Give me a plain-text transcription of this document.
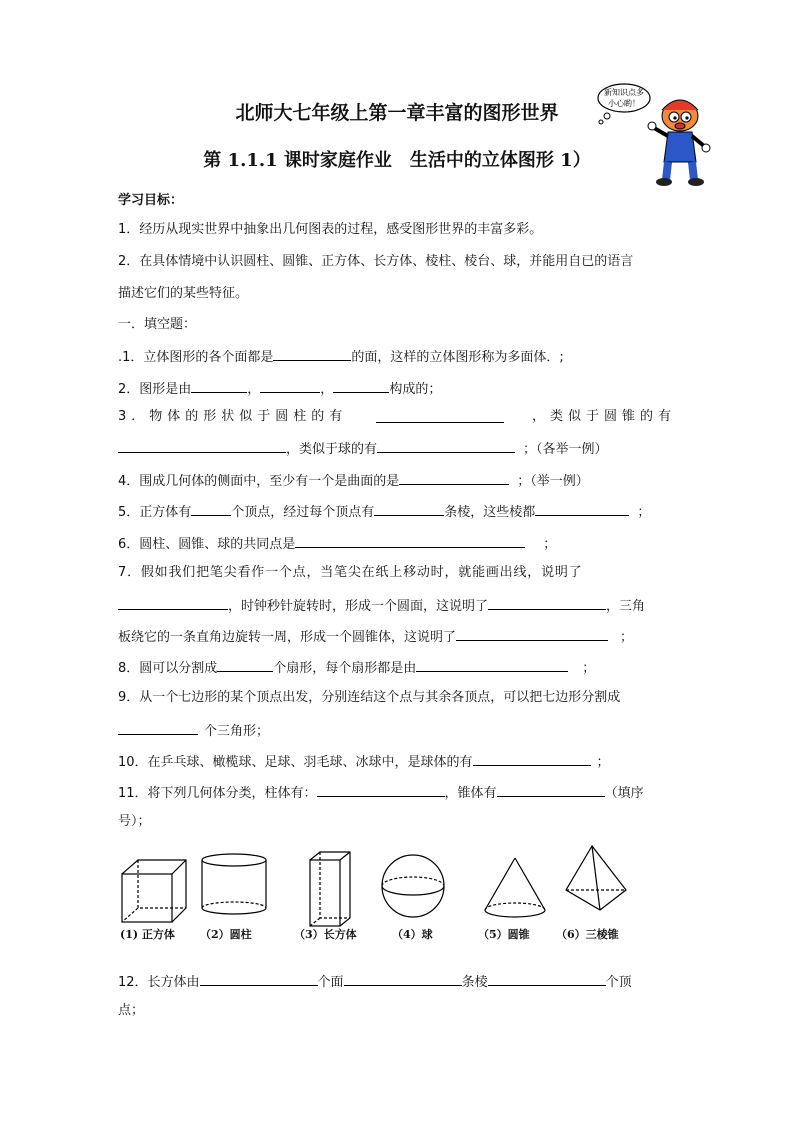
北师大七年级上第一章丰富的图形世界
第 1.1.1 课时家庭作业　生活中的立体图形 1）
新知识点多
小心喲！
学习目标：
1．经历从现实世界中抽象出几何图表的过程，感受图形世界的丰富多彩。
2．在具体情境中认识圆柱、圆锥、正方体、长方体、棱柱、棱台、球，并能用自已的语言
描述它们的某些特征。
一．填空题：
.1．立体图形的各个面都是	的面，这样的立体图形称为多面体．;
2．图形是由	，	，	构成的；
3．物体的形状似于圆柱的有	，类似于圆锥的有
，类似于球的有	；（各举一例）
4．围成几何体的侧面中，至少有一个是曲面的是	；（举一例）
5．正方体有	个顶点，经过每个顶点有	条棱，这些棱都	；
6．圆柱、圆锥、球的共同点是	；
7．假如我们把笔尖看作一个点，当笔尖在纸上移动时，就能画出线，说明了
，时钟秒针旋转时，形成一个圆面，这说明了	，三角
板绕它的一条直角边旋转一周，形成一个圆锥体，这说明了	；
8．圆可以分割成	个扇形，每个扇形都是由	；
9．从一个七边形的某个顶点出发，分别连结这个点与其余各顶点，可以把七边形分割成
个三角形；
10．在乒乓球、橄榄球、足球、羽毛球、冰球中，是球体的有	；
11．将下列几何体分类，柱体有：	，锥体有	（填序
号）；
(1) 正方体 （2）圆柱	（3）长方体	（4）球	（5）圆锥 （6）三棱锥
12．长方体由	个面	条棱	个顶
点；
